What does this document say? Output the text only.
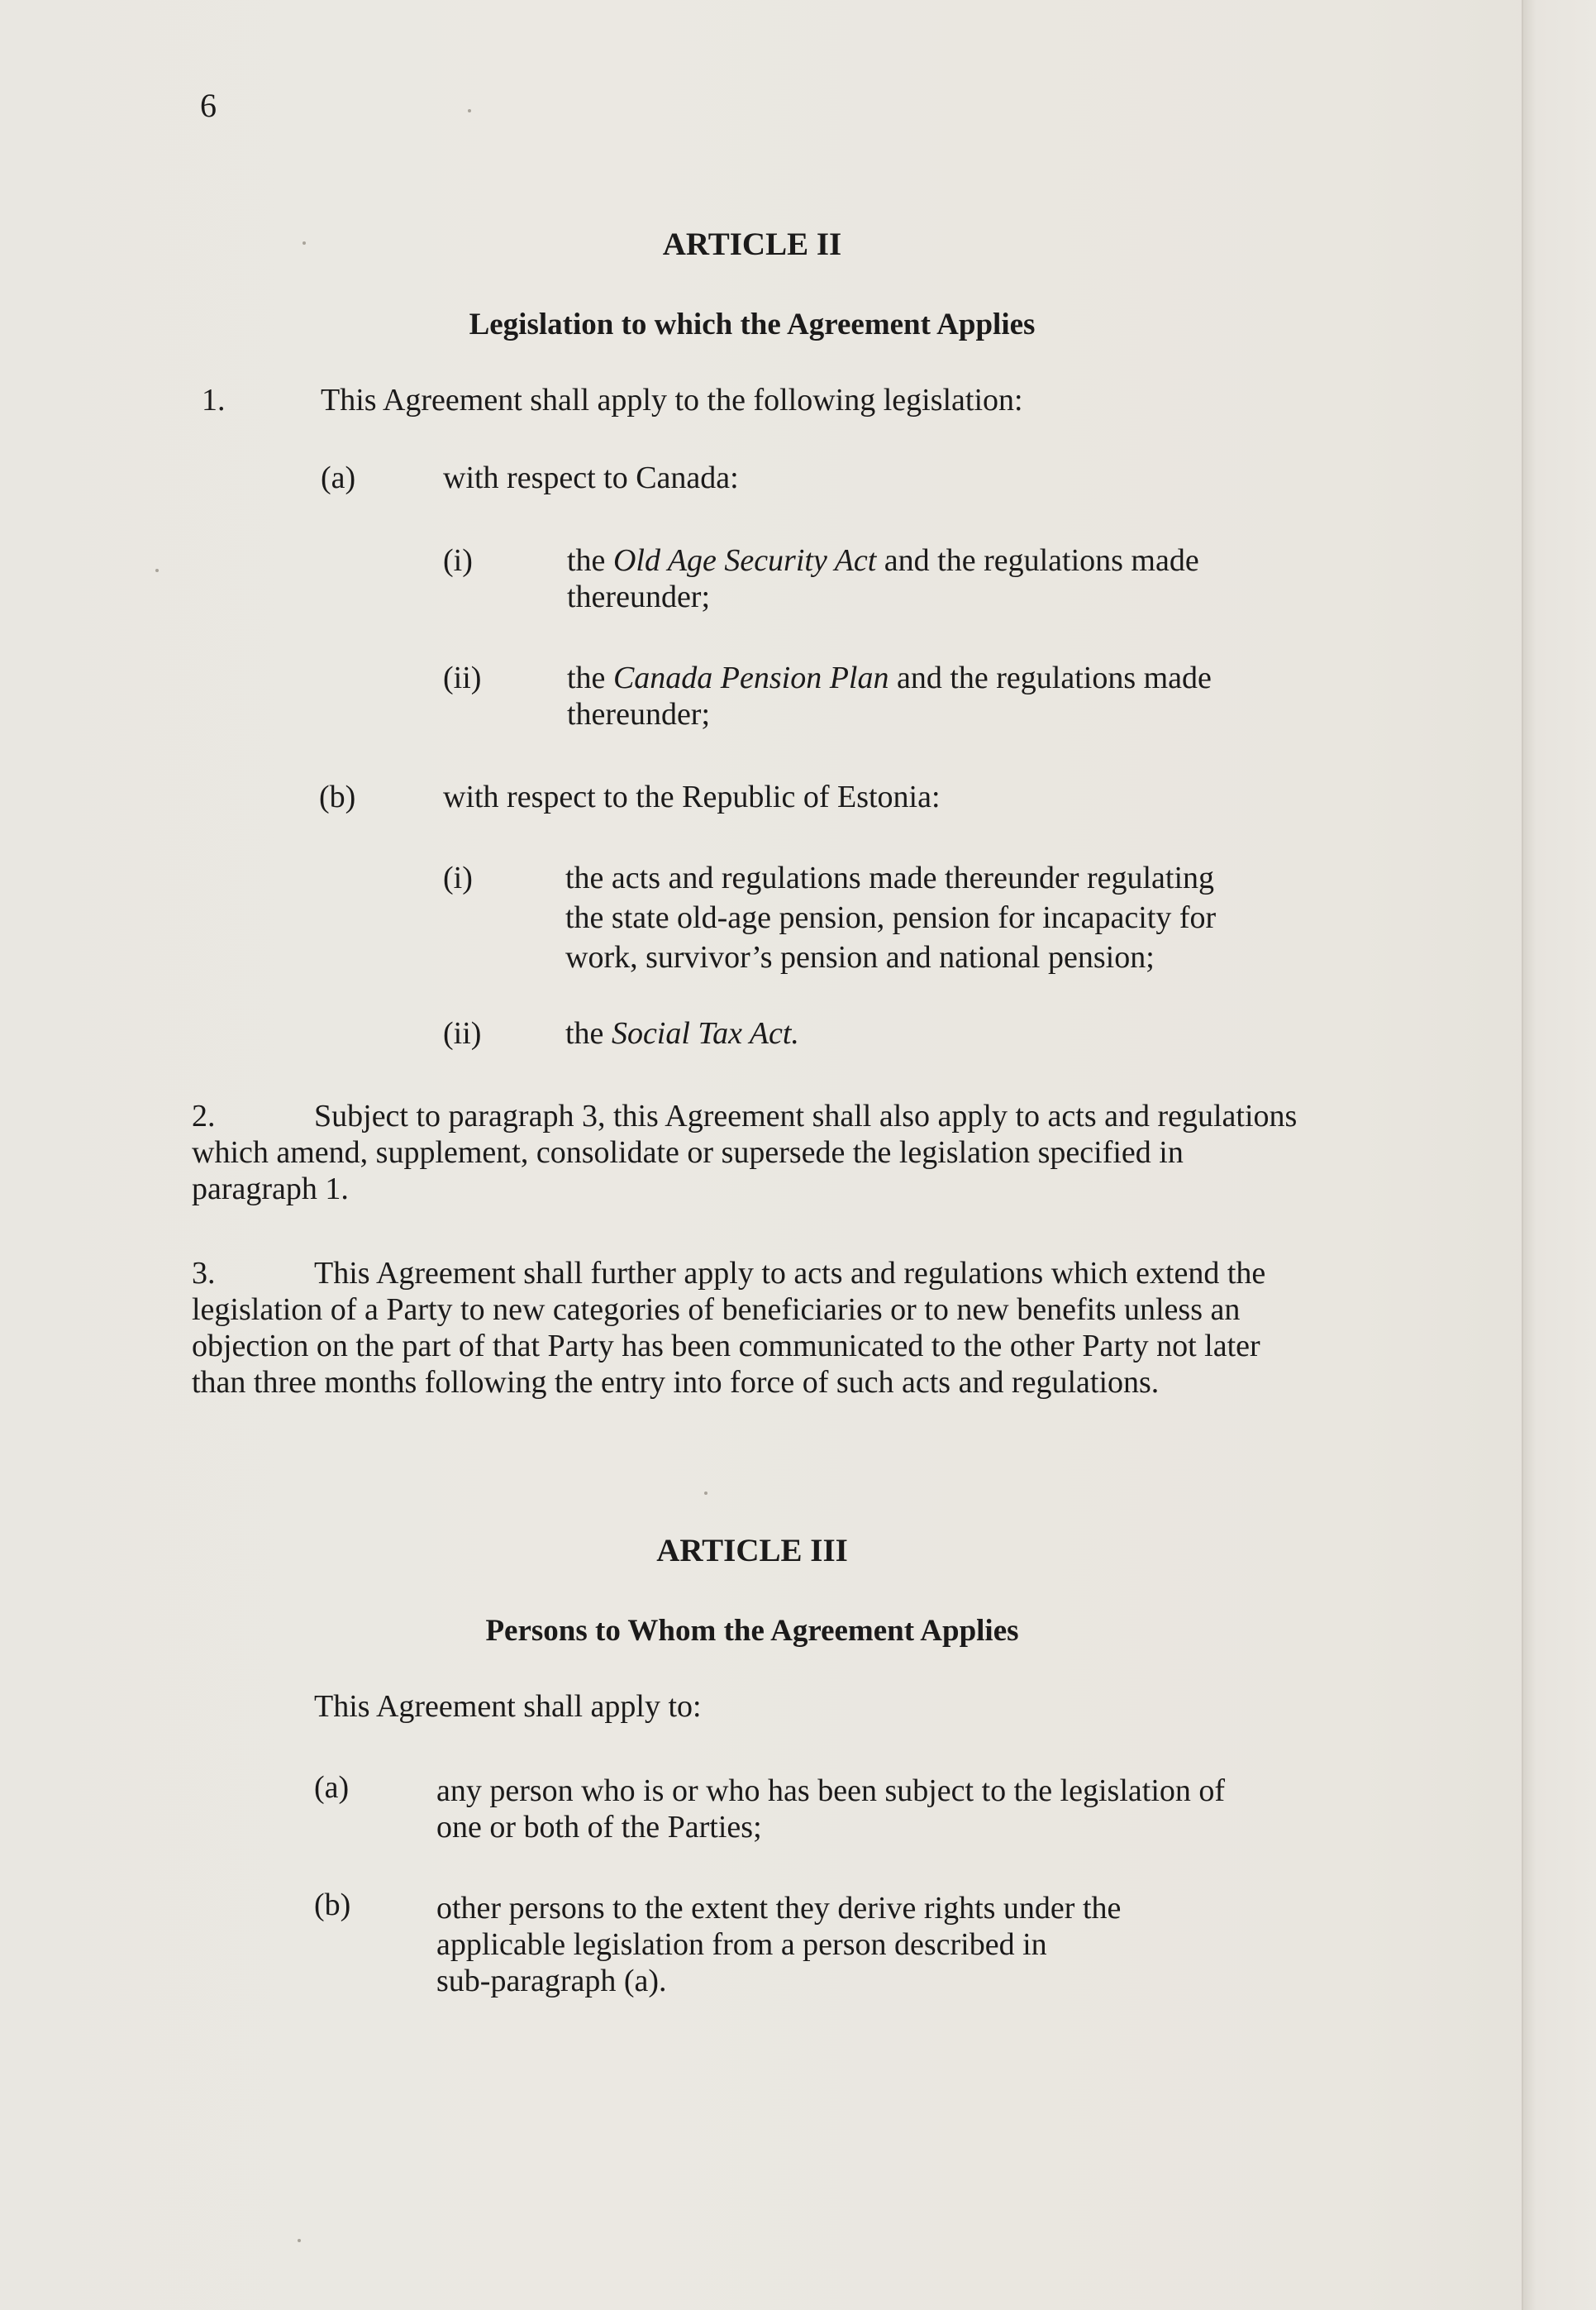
6
ARTICLE II
Legislation to which the Agreement Applies
1.	This Agreement shall apply to the following legislation:
(a)	with respect to Canada:
(i)	the Old Age Security Act and the regulations made
thereunder;
(ii)	the Canada Pension Plan and the regulations made
thereunder;
(b)	with respect to the Republic of Estonia:
(i)	the acts and regulations made thereunder regulating
the state old-age pension, pension for incapacity for
work, survivor’s pension and national pension;
(ii)	the Social Tax Act.
2.	Subject to paragraph 3, this Agreement shall also apply to acts and regulations which amend, supplement, consolidate or supersede the legislation specified in paragraph 1.
3.	This Agreement shall further apply to acts and regulations which extend the legislation of a Party to new categories of beneficiaries or to new benefits unless an objection on the part of that Party has been communicated to the other Party not later than three months following the entry into force of such acts and regulations.
ARTICLE III
Persons to Whom the Agreement Applies
This Agreement shall apply to:
(a)	any person who is or who has been subject to the legislation of
one or both of the Parties;
(b)	other persons to the extent they derive rights under the
applicable legislation from a person described in
sub-paragraph (a).
